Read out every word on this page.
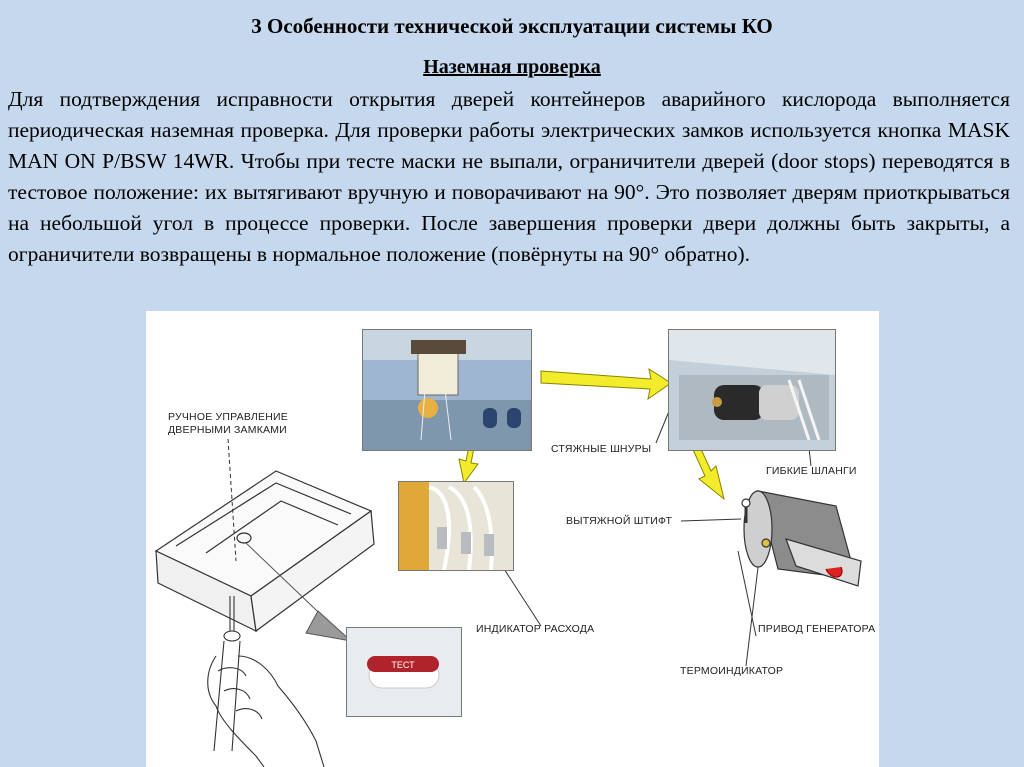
3 Особенности технической эксплуатации системы КО
Наземная проверка
Для подтверждения исправности открытия дверей контейнеров аварийного кислорода выполняется периодическая наземная проверка. Для проверки работы электрических замков используется кнопка MASK MAN ON P/BSW 14WR. Чтобы при тесте маски не выпали, ограничители дверей (door stops) переводятся в тестовое положение: их вытягивают вручную и поворачивают на 90°. Это позволяет дверям приоткрываться на небольшой угол в процессе проверки. После завершения проверки двери должны быть закрыты, а ограничители возвращены в нормальное положение (повёрнуты на 90° обратно).
ТЕСТ
РУЧНОЕ УПРАВЛЕНИЕ
ДВЕРНЫМИ ЗАМКАМИ
СТЯЖНЫЕ ШНУРЫ
ГИБКИЕ ШЛАНГИ
ВЫТЯЖНОЙ ШТИФТ
ИНДИКАТОР РАСХОДА	ПРИВОД ГЕНЕРАТОРА
ТЕРМОИНДИКАТОР
